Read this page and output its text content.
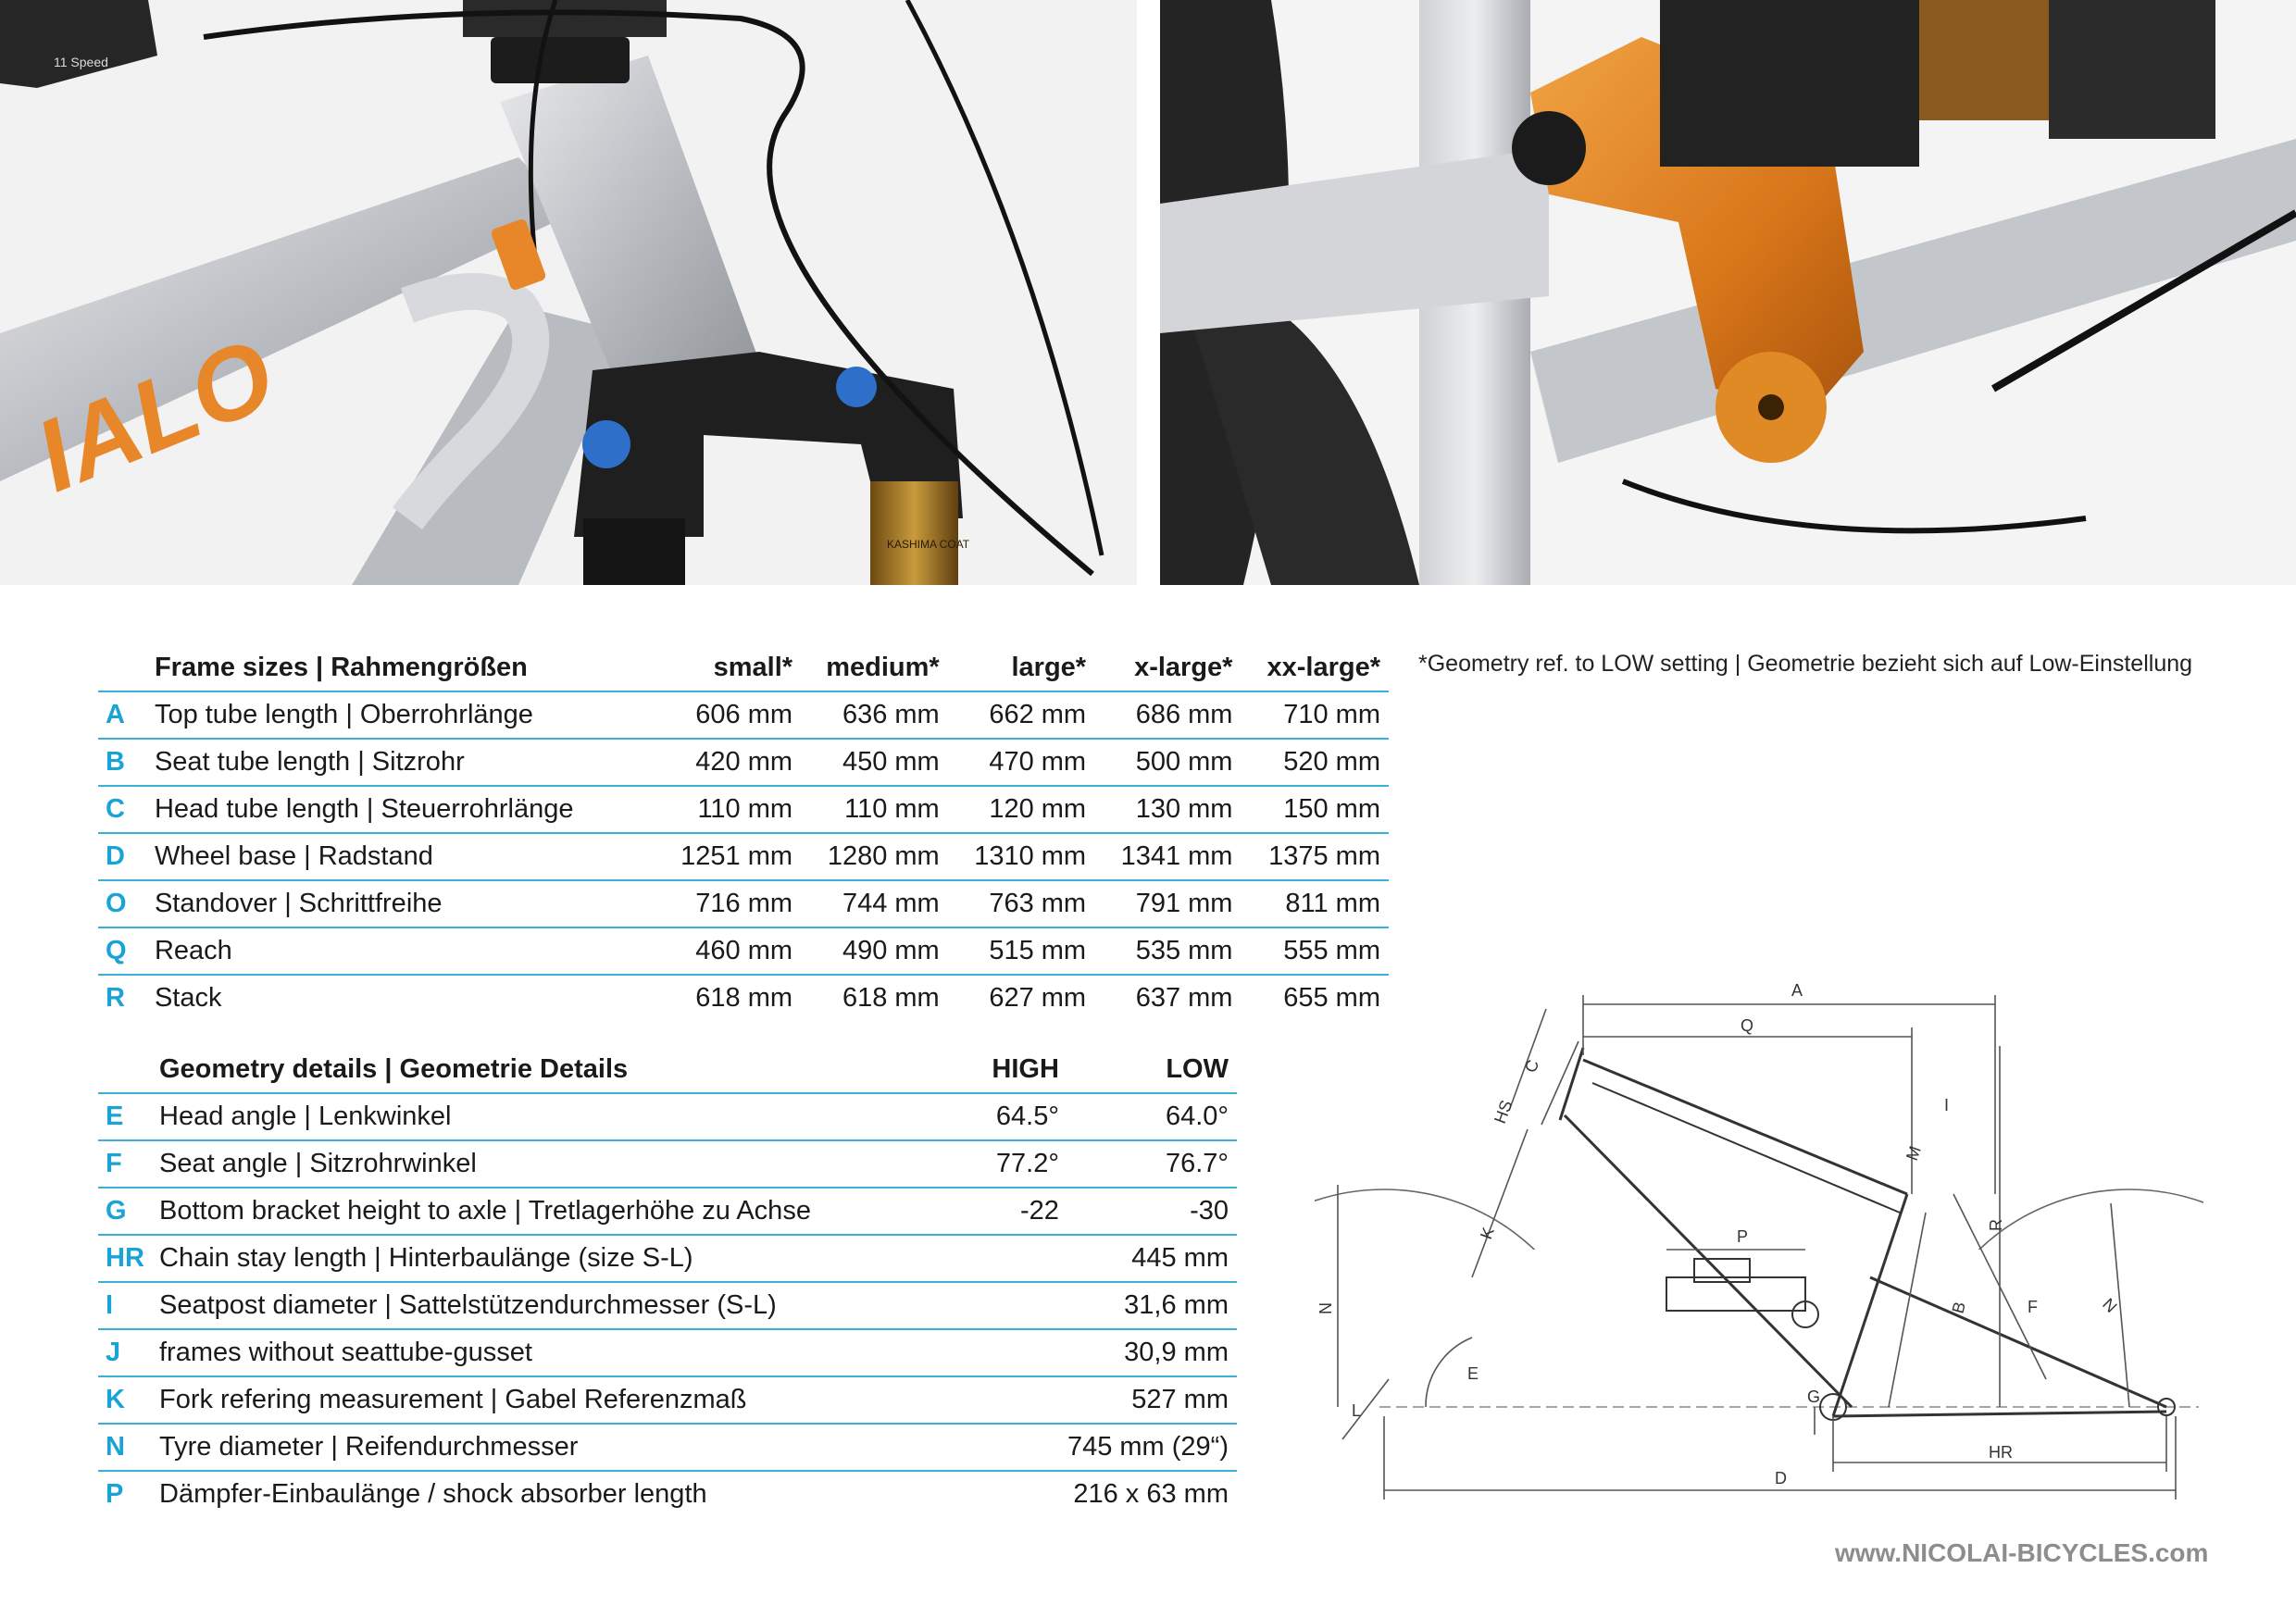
11 Speed
IALO
KASHIMA COAT
	Frame sizes | Rahmengrößen	small*	medium*	large*	x-large*	xx-large*
A	Top tube length | Oberrohrlänge	606 mm	636 mm	662 mm	686 mm	710 mm
B	Seat tube length | Sitzrohr	420 mm	450 mm	470 mm	500 mm	520 mm
C	Head tube length | Steuerrohrlänge	110 mm	110 mm	120 mm	130 mm	150 mm
D	Wheel base | Radstand	1251 mm	1280 mm	1310 mm	1341 mm	1375 mm
O	Standover | Schrittfreihe	716 mm	744 mm	763 mm	791 mm	811 mm
Q	Reach	460 mm	490 mm	515 mm	535 mm	555 mm
R	Stack	618 mm	618 mm	627 mm	637 mm	655 mm
*Geometry ref. to LOW setting | Geometrie bezieht sich auf Low-Einstellung
	Geometry details | Geometrie Details	HIGH	LOW
E	Head angle | Lenkwinkel	64.5°	64.0°
F	Seat angle | Sitzrohrwinkel	77.2°	76.7°
G	Bottom bracket height to axle | Tretlagerhöhe zu Achse	-22	-30
HR	Chain stay length | Hinterbaulänge (size S-L)		445 mm
I	Seatpost diameter | Sattelstützendurchmesser (S-L)		31,6 mm
J	frames without seattube-gusset		30,9 mm
K	Fork refering measurement | Gabel Referenzmaß		527 mm
N	Tyre diameter | Reifendurchmesser		745 mm (29“)
P	Dämpfer-Einbaulänge / shock absorber length		216 x 63 mm
A
Q
C
HS	I
M
P
R
K
N	B	F	N
E
L
G
HR
D
www.NICOLAI-BICYCLES.com
